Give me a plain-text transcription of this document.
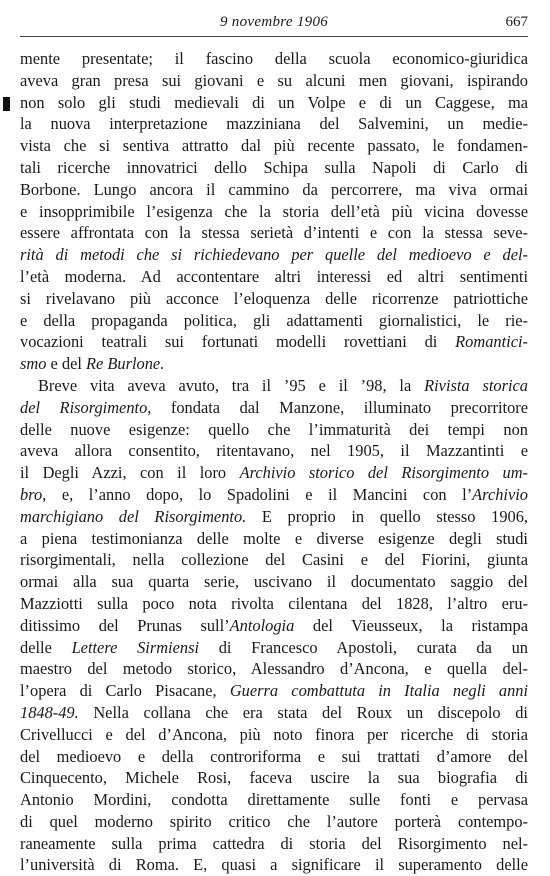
9 novembre 1906	667
mente presentate; il fascino della scuola economico-giuridica
aveva gran presa sui giovani e su alcuni men giovani, ispirando
non solo gli studi medievali di un Volpe e di un Caggese, ma
la nuova interpretazione mazziniana del Salvemini, un medie-
vista che si sentiva attratto dal più recente passato, le fondamen-
tali ricerche innovatrici dello Schipa sulla Napoli di Carlo di
Borbone. Lungo ancora il cammino da percorrere, ma viva ormai
e insopprimibile l’esigenza che la storia dell’età più vicina dovesse
essere affrontata con la stessa serietà d’intenti e con la stessa seve-
rità di metodi che si richiedevano per quelle del medioevo e del-
l’età moderna. Ad accontentare altri interessi ed altri sentimenti
si rivelavano più acconce l’eloquenza delle ricorrenze patriottiche
e della propaganda politica, gli adattamenti giornalistici, le rie-
vocazioni teatrali sui fortunati modelli rovettiani di Romantici-
smo e del Re Burlone.
Breve vita aveva avuto, tra il ’95 e il ’98, la Rivista storica
del Risorgimento, fondata dal Manzone, illuminato precorritore
delle nuove esigenze: quello che l’immaturità dei tempi non
aveva allora consentito, ritentavano, nel 1905, il Mazzantinti e
il Degli Azzi, con il loro Archivio storico del Risorgimento um-
bro, e, l’anno dopo, lo Spadolini e il Mancini con l’Archivio
marchigiano del Risorgimento. E proprio in quello stesso 1906,
a piena testimonianza delle molte e diverse esigenze degli studi
risorgimentali, nella collezione del Casini e del Fiorini, giunta
ormai alla sua quarta serie, uscivano il documentato saggio del
Mazziotti sulla poco nota rivolta cilentana del 1828, l’altro eru-
ditissimo del Prunas sull’Antologia del Vieusseux, la ristampa
delle Lettere Sirmiensi di Francesco Apostoli, curata da un
maestro del metodo storico, Alessandro d’Ancona, e quella del-
l’opera di Carlo Pisacane, Guerra combattuta in Italia negli anni
1848-49. Nella collana che era stata del Roux un discepolo di
Crivellucci e del d’Ancona, più noto finora per ricerche di storia
del medioevo e della controriforma e sui trattati d’amore del
Cinquecento, Michele Rosi, faceva uscire la sua biografia di
Antonio Mordini, condotta direttamente sulle fonti e pervasa
di quel moderno spirito critico che l’autore porterà contempo-
raneamente sulla prima cattedra di storia del Risorgimento nel-
l’università di Roma. E, quasi a significare il superamento delle
